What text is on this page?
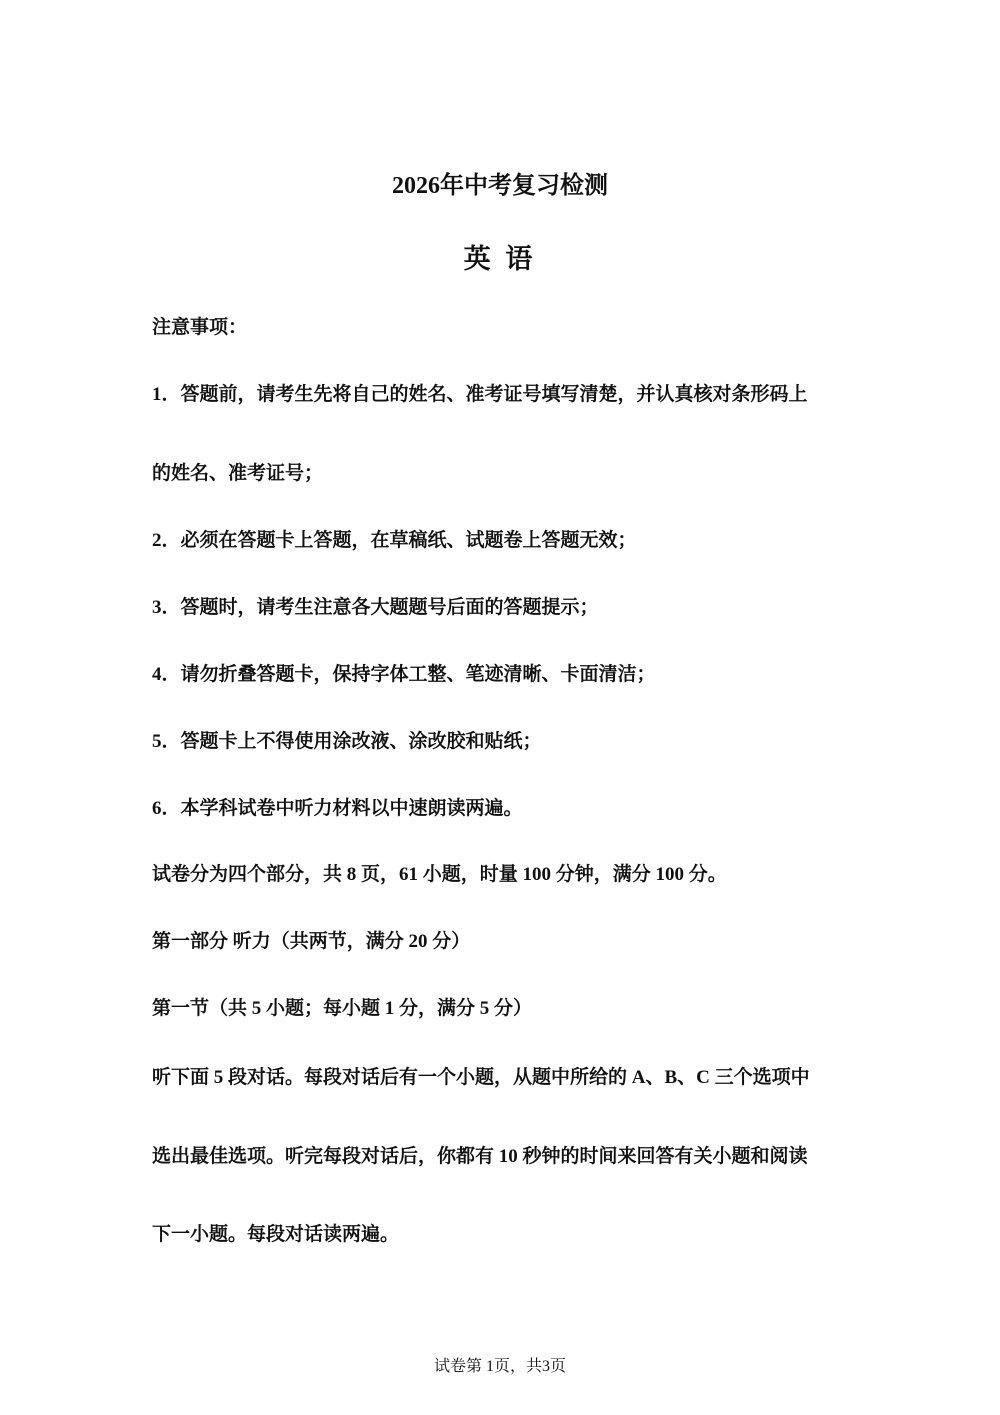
2026年中考复习检测
英 语
注意事项：
1．答题前，请考生先将自己的姓名、准考证号填写清楚，并认真核对条形码上
的姓名、准考证号；
2．必须在答题卡上答题，在草稿纸、试题卷上答题无效；
3．答题时，请考生注意各大题题号后面的答题提示；
4．请勿折叠答题卡，保持字体工整、笔迹清晰、卡面清洁；
5．答题卡上不得使用涂改液、涂改胶和贴纸；
6．本学科试卷中听力材料以中速朗读两遍。
试卷分为四个部分，共 8 页，61 小题，时量 100 分钟，满分 100 分。
第一部分 听力（共两节，满分 20 分）
第一节（共 5 小题；每小题 1 分，满分 5 分）
听下面 5 段对话。每段对话后有一个小题，从题中所给的 A、B、C 三个选项中
选出最佳选项。听完每段对话后，你都有 10 秒钟的时间来回答有关小题和阅读
下一小题。每段对话读两遍。
试卷第 1页，共3页
